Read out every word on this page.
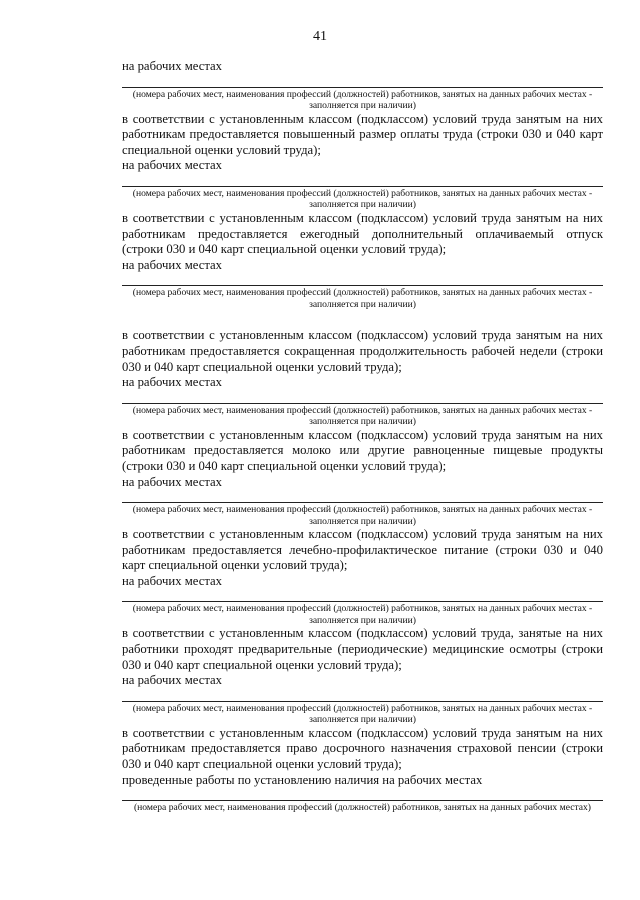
41
на рабочих местах
(номера рабочих мест, наименования профессий (должностей) работников, занятых на данных рабочих местах - заполняется при наличии)
в соответствии с установленным классом (подклассом) условий труда занятым на них
работникам предоставляется повышенный размер оплаты труда (строки 030 и 040 карт
специальной оценки условий труда);
на рабочих местах
(номера рабочих мест, наименования профессий (должностей) работников, занятых на данных рабочих местах - заполняется при наличии)
в соответствии с установленным классом (подклассом) условий труда занятым на них
работникам предоставляется ежегодный дополнительный оплачиваемый отпуск
(строки 030 и 040 карт специальной оценки условий труда);
на рабочих местах
(номера рабочих мест, наименования профессий (должностей) работников, занятых на данных рабочих местах - заполняется при наличии)
в соответствии с установленным классом (подклассом) условий труда занятым на них
работникам предоставляется сокращенная продолжительность рабочей недели (строки
030 и 040 карт специальной оценки условий труда);
на рабочих местах
(номера рабочих мест, наименования профессий (должностей) работников, занятых на данных рабочих местах - заполняется при наличии)
в соответствии с установленным классом (подклассом) условий труда занятым на них
работникам предоставляется молоко или другие равноценные пищевые продукты
(строки 030 и 040 карт специальной оценки условий труда);
на рабочих местах
(номера рабочих мест, наименования профессий (должностей) работников, занятых на данных рабочих местах - заполняется при наличии)
в соответствии с установленным классом (подклассом) условий труда занятым на них
работникам предоставляется лечебно-профилактическое питание (строки 030 и 040
карт специальной оценки условий труда);
на рабочих местах
(номера рабочих мест, наименования профессий (должностей) работников, занятых на данных рабочих местах - заполняется при наличии)
в соответствии с установленным классом (подклассом) условий труда, занятые на них
работники проходят предварительные (периодические) медицинские осмотры (строки
030 и 040 карт специальной оценки условий труда);
на рабочих местах
(номера рабочих мест, наименования профессий (должностей) работников, занятых на данных рабочих местах - заполняется при наличии)
в соответствии с установленным классом (подклассом) условий труда занятым на них
работникам предоставляется право досрочного назначения страховой пенсии (строки
030 и 040 карт специальной оценки условий труда);
проведенные работы по установлению наличия на рабочих местах
(номера рабочих мест, наименования профессий (должностей) работников, занятых на данных рабочих местах)
